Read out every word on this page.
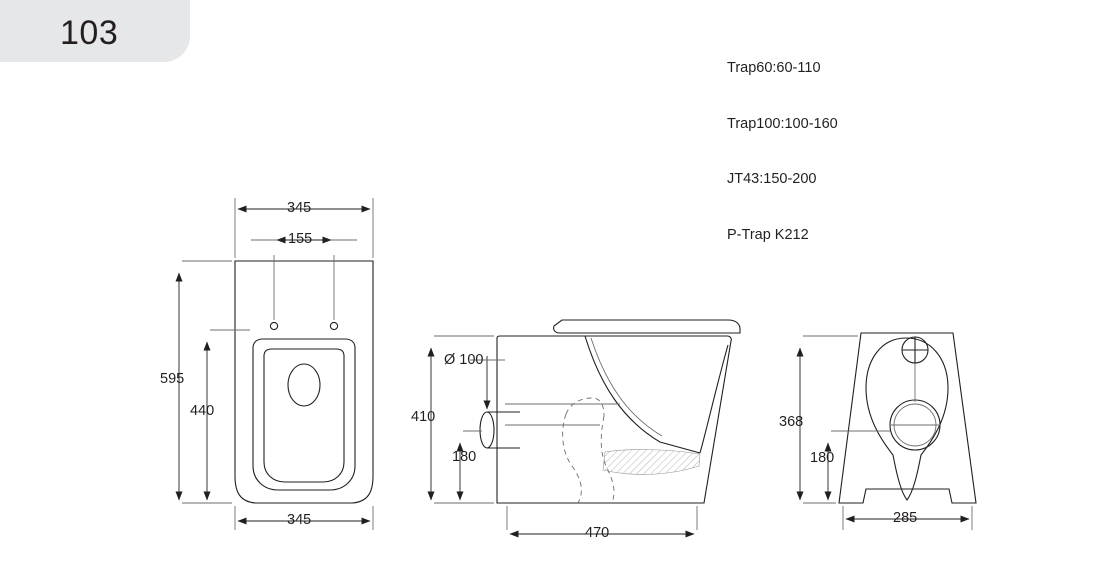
103

Trap60:60-110

Trap100:100-160

JT43:150-200

P-Trap K212

345
155
595
440
345
Ø 100
410
180
470
368
180
285
